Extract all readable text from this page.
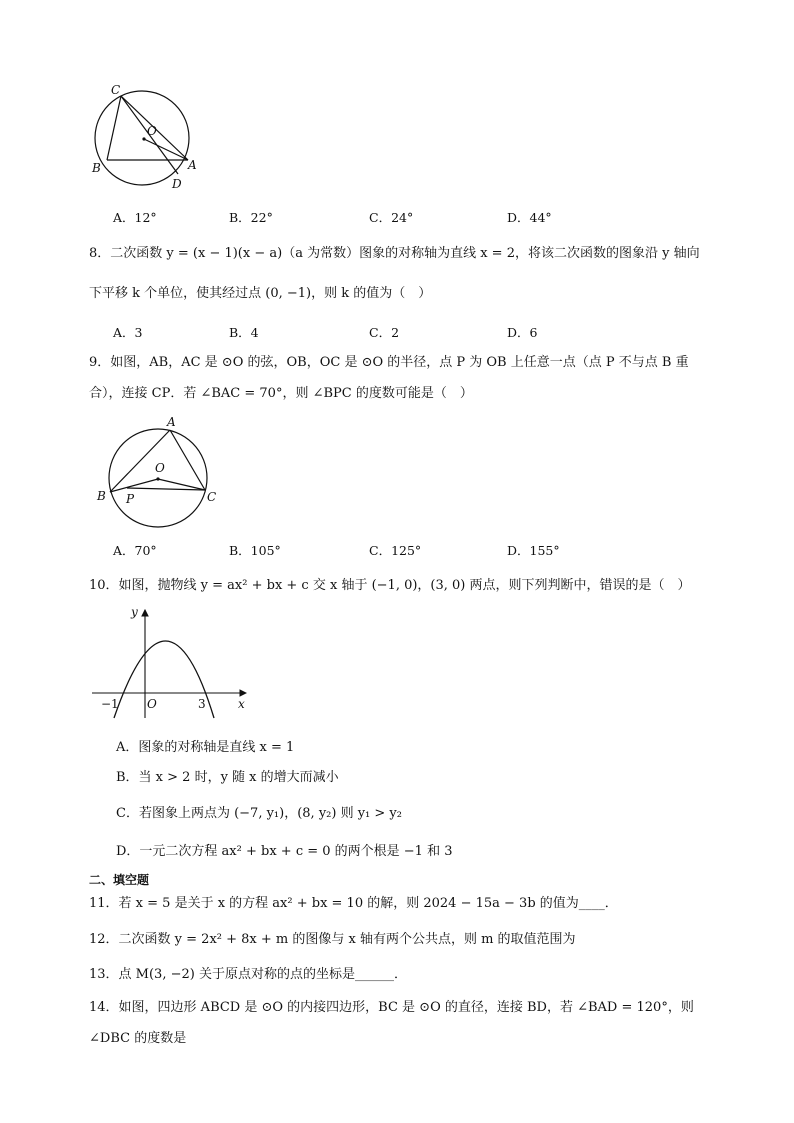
C
O
B	A
D
A．12°	B．22°	C．24°	D．44°
8．二次函数 y = (x − 1)(x − a)（a 为常数）图象的对称轴为直线 x = 2，将该二次函数的图象沿 y 轴向
下平移 k 个单位，使其经过点 (0, −1)，则 k 的值为（　）
A．3	B．4	C．2	D．6
9．如图，AB，AC 是 ⊙O 的弦，OB，OC 是 ⊙O 的半径，点 P 为 OB 上任意一点（点 P 不与点 B 重
合），连接 CP．若 ∠BAC = 70°，则 ∠BPC 的度数可能是（　）
A
O
B P	C
A．70°	B．105°	C．125°	D．155°
10．如图，抛物线 y = ax² + bx + c 交 x 轴于 (−1, 0)，(3, 0) 两点，则下列判断中，错误的是（　）
y
x
O
−1	3
A．图象的对称轴是直线 x = 1
B．当 x > 2 时，y 随 x 的增大而减小
C．若图象上两点为 (−7, y₁)，(8, y₂) 则 y₁ > y₂
D．一元二次方程 ax² + bx + c = 0 的两个根是 −1 和 3
二、填空题
11．若 x = 5 是关于 x 的方程 ax² + bx = 10 的解，则 2024 − 15a − 3b 的值为____．
12．二次函数 y = 2x² + 8x + m 的图像与 x 轴有两个公共点，则 m 的取值范围为
13．点 M(3, −2) 关于原点对称的点的坐标是______．
14．如图，四边形 ABCD 是 ⊙O 的内接四边形，BC 是 ⊙O 的直径，连接 BD，若 ∠BAD = 120°，则
∠DBC 的度数是
